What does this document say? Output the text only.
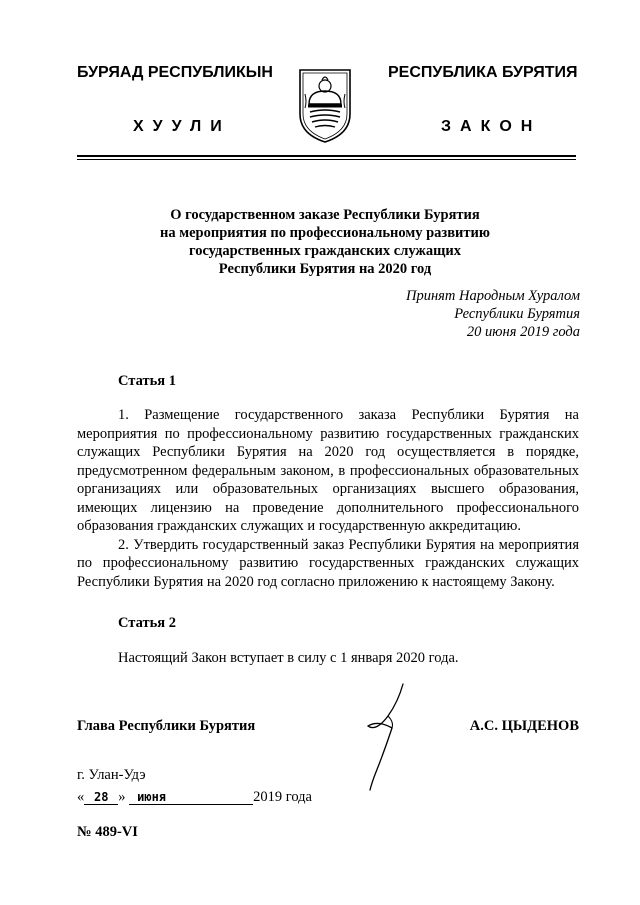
БУРЯАД РЕСПУБЛИКЫН	РЕСПУБЛИКА БУРЯТИЯ
ХУУЛИ	ЗАКОН
О государственном заказе Республики Бурятия
на мероприятия по профессиональному развитию
государственных гражданских служащих
Республики Бурятия на 2020 год
Принят Народным Хуралом
Республики Бурятия
20 июня 2019 года
Статья 1

1. Размещение государственного заказа Республики Бурятия на мероприятия по профессиональному развитию государственных гражданских служащих Республики Бурятия на 2020 год осуществляется в порядке, предусмотренном федеральным законом, в профессиональных образовательных организациях или образовательных организациях высшего образования, имеющих лицензию на проведение дополнительного профессионального образования гражданских служащих и государственную аккредитацию.

2. Утвердить государственный заказ Республики Бурятия на мероприятия по профессиональному развитию государственных гражданских служащих Республики Бурятия на 2020 год согласно приложению к настоящему Закону.

Статья 2
Настоящий Закон вступает в силу с 1 января 2020 года.
Глава Республики Бурятия	А.С. ЦЫДЕНОВ
г. Улан-Удэ
« 28 » июня	2019 года
№ 489-VI
